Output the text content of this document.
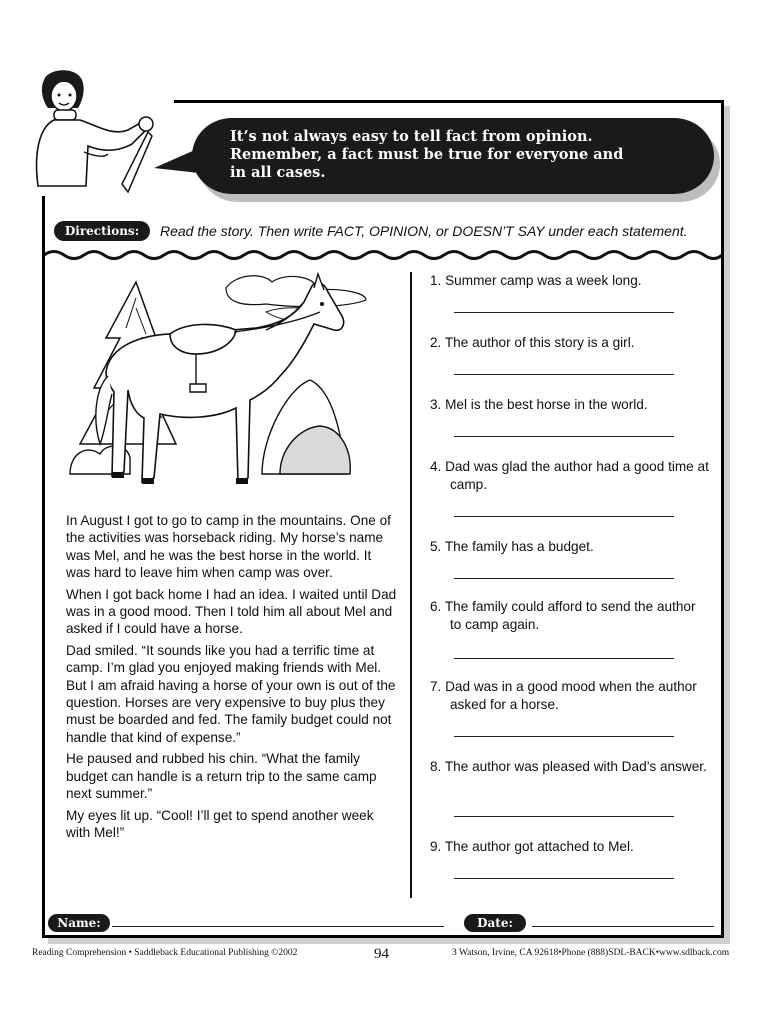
It’s not always easy to tell fact from opinion.
Remember, a fact must be true for everyone and
in all cases.
Directions:	Read the story. Then write FACT, OPINION, or DOESN’T SAY under each statement.

In August I got to go to camp in the mountains. One of the activities was horseback riding. My horse’s name was Mel, and he was the best horse in the world. It was hard to leave him when camp was over.

When I got back home I had an idea. I waited until Dad was in a good mood. Then I told him all about Mel and asked if I could have a horse.

Dad smiled. “It sounds like you had a terrific time at camp. I’m glad you enjoyed making friends with Mel. But I am afraid having a horse of your own is out of the question. Horses are very expensive to buy plus they must be boarded and fed. The family budget could not handle that kind of expense.”

He paused and rubbed his chin. “What the family budget can handle is a return trip to the same camp next summer.”

My eyes lit up. “Cool! I’ll get to spend another week with Mel!”

1. Summer camp was a week long.
2. The author of this story is a girl.
3. Mel is the best horse in the world.
4. Dad was glad the author had a good time at camp.
5. The family has a budget.
6. The family could afford to send the author to camp again.
7. Dad was in a good mood when the author asked for a horse.
8. The author was pleased with Dad’s answer.
9. The author got attached to Mel.
Name:	Date:
Reading Comprehension • Saddleback Educational Publishing ©2002	94	3 Watson, Irvine, CA 92618•Phone (888)SDL-BACK•www.sdlback.com
